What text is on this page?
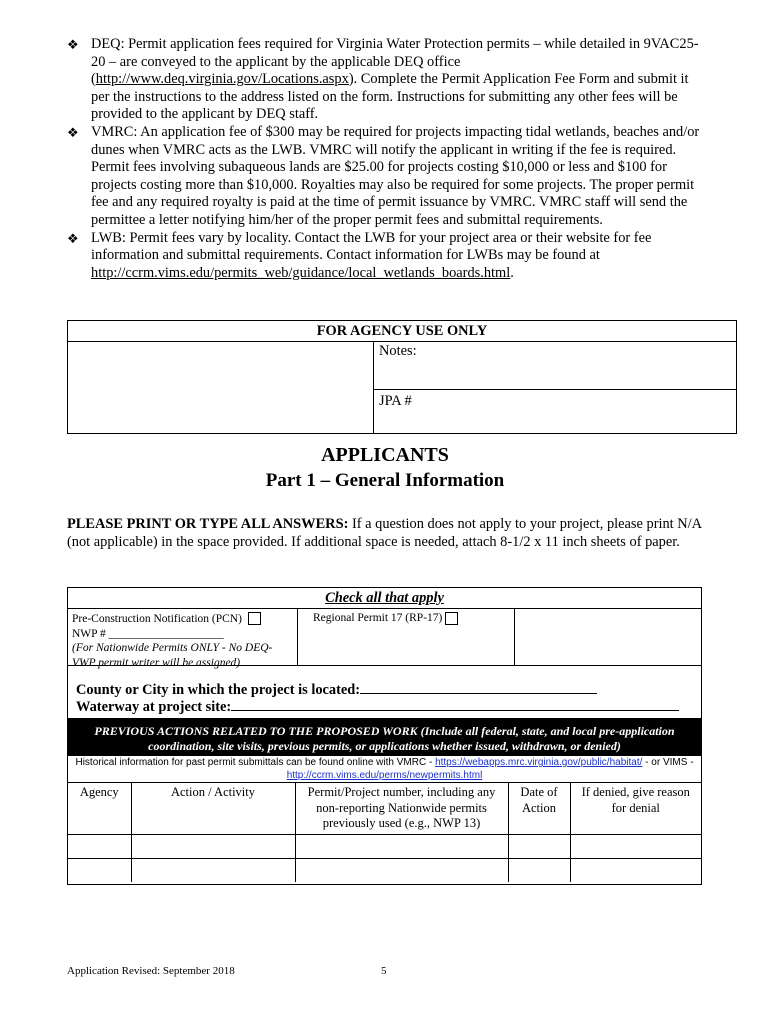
❖ DEQ: Permit application fees required for Virginia Water Protection permits – while detailed in 9VAC25-20 – are conveyed to the applicant by the applicable DEQ office (http://www.deq.virginia.gov/Locations.aspx). Complete the Permit Application Fee Form and submit it per the instructions to the address listed on the form. Instructions for submitting any other fees will be provided to the applicant by DEQ staff.
❖ VMRC: An application fee of $300 may be required for projects impacting tidal wetlands, beaches and/or dunes when VMRC acts as the LWB. VMRC will notify the applicant in writing if the fee is required. Permit fees involving subaqueous lands are $25.00 for projects costing $10,000 or less and $100 for projects costing more than $10,000. Royalties may also be required for some projects. The proper permit fee and any required royalty is paid at the time of permit issuance by VMRC. VMRC staff will send the permittee a letter notifying him/her of the proper permit fees and submittal requirements.
❖ LWB: Permit fees vary by locality. Contact the LWB for your project area or their website for fee information and submittal requirements. Contact information for LWBs may be found at http://ccrm.vims.edu/permits_web/guidance/local_wetlands_boards.html.
FOR AGENCY USE ONLY
Notes:
JPA #
APPLICANTS
Part 1 – General Information
PLEASE PRINT OR TYPE ALL ANSWERS: If a question does not apply to your project, please print N/A (not applicable) in the space provided. If additional space is needed, attach 8-1/2 x 11 inch sheets of paper.
Check all that apply
Pre-Construction Notification (PCN)
NWP # ____________________
(For Nationwide Permits ONLY - No DEQ-VWP permit writer will be assigned)
Regional Permit 17 (RP-17)
County or City in which the project is located:
Waterway at project site:
PREVIOUS ACTIONS RELATED TO THE PROPOSED WORK (Include all federal, state, and local pre-application coordination, site visits, previous permits, or applications whether issued, withdrawn, or denied)
Historical information for past permit submittals can be found online with VMRC - https://webapps.mrc.virginia.gov/public/habitat/ - or VIMS - http://ccrm.vims.edu/perms/newpermits.html
Agency	Action / Activity	Permit/Project number, including any non-reporting Nationwide permits previously used (e.g., NWP 13)	Date of Action	If denied, give reason for denial

Application Revised: September 2018	5
